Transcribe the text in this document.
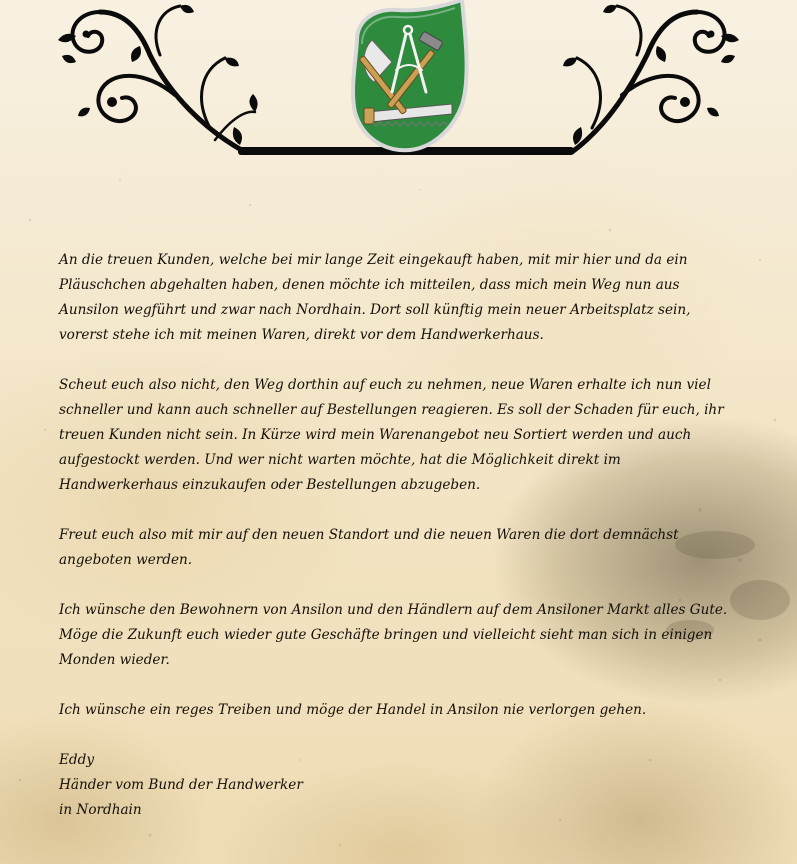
An die treuen Kunden, welche bei mir lange Zeit eingekauft haben, mit mir hier und da ein Pläuschchen abgehalten haben, denen möchte ich mitteilen, dass mich mein Weg nun aus Aunsilon wegführt und zwar nach Nordhain. Dort soll künftig mein neuer Arbeitsplatz sein, vorerst stehe ich mit meinen Waren, direkt vor dem Handwerkerhaus.

Scheut euch also nicht, den Weg dorthin auf euch zu nehmen, neue Waren erhalte ich nun viel schneller und kann auch schneller auf Bestellungen reagieren. Es soll der Schaden für euch, ihr treuen Kunden nicht sein. In Kürze wird mein Warenangebot neu Sortiert werden und auch aufgestockt werden. Und wer nicht warten möchte, hat die Möglichkeit direkt im Handwerkerhaus einzukaufen oder Bestellungen abzugeben.

Freut euch also mit mir auf den neuen Standort und die neuen Waren die dort demnächst angeboten werden.

Ich wünsche den Bewohnern von Ansilon und den Händlern auf dem Ansiloner Markt alles Gute. Möge die Zukunft euch wieder gute Geschäfte bringen und vielleicht sieht man sich in einigen Monden wieder.

Ich wünsche ein reges Treiben und möge der Handel in Ansilon nie verlorgen gehen.

Eddy
Händer vom Bund der Handwerker
in Nordhain
